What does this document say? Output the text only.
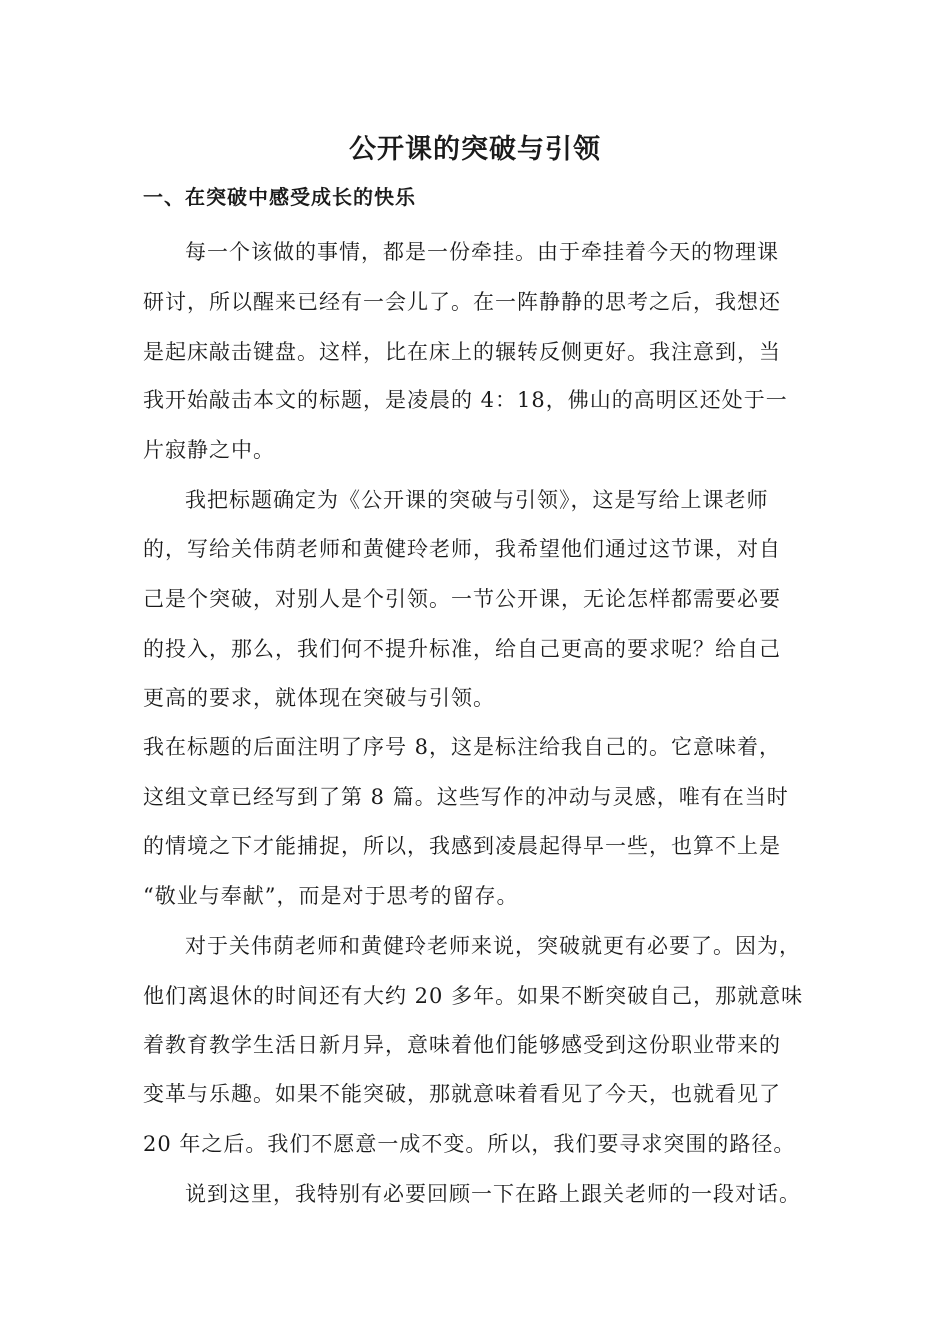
公开课的突破与引领
一、在突破中感受成长的快乐
每一个该做的事情，都是一份牵挂。由于牵挂着今天的物理课
研讨，所以醒来已经有一会儿了。在一阵静静的思考之后，我想还
是起床敲击键盘。这样，比在床上的辗转反侧更好。我注意到，当
我开始敲击本文的标题，是凌晨的 4：18，佛山的高明区还处于一
片寂静之中。
我把标题确定为《公开课的突破与引领》，这是写给上课老师
的，写给关伟荫老师和黄健玲老师，我希望他们通过这节课，对自
己是个突破，对别人是个引领。一节公开课，无论怎样都需要必要
的投入，那么，我们何不提升标准，给自己更高的要求呢？给自己
更高的要求，就体现在突破与引领。
我在标题的后面注明了序号 8，这是标注给我自己的。它意味着，
这组文章已经写到了第 8 篇。这些写作的冲动与灵感，唯有在当时
的情境之下才能捕捉，所以，我感到凌晨起得早一些，也算不上是
“敬业与奉献”，而是对于思考的留存。
对于关伟荫老师和黄健玲老师来说，突破就更有必要了。因为，
他们离退休的时间还有大约 20 多年。如果不断突破自己，那就意味
着教育教学生活日新月异，意味着他们能够感受到这份职业带来的
变革与乐趣。如果不能突破，那就意味着看见了今天，也就看见了
20 年之后。我们不愿意一成不变。所以，我们要寻求突围的路径。
说到这里，我特别有必要回顾一下在路上跟关老师的一段对话。
